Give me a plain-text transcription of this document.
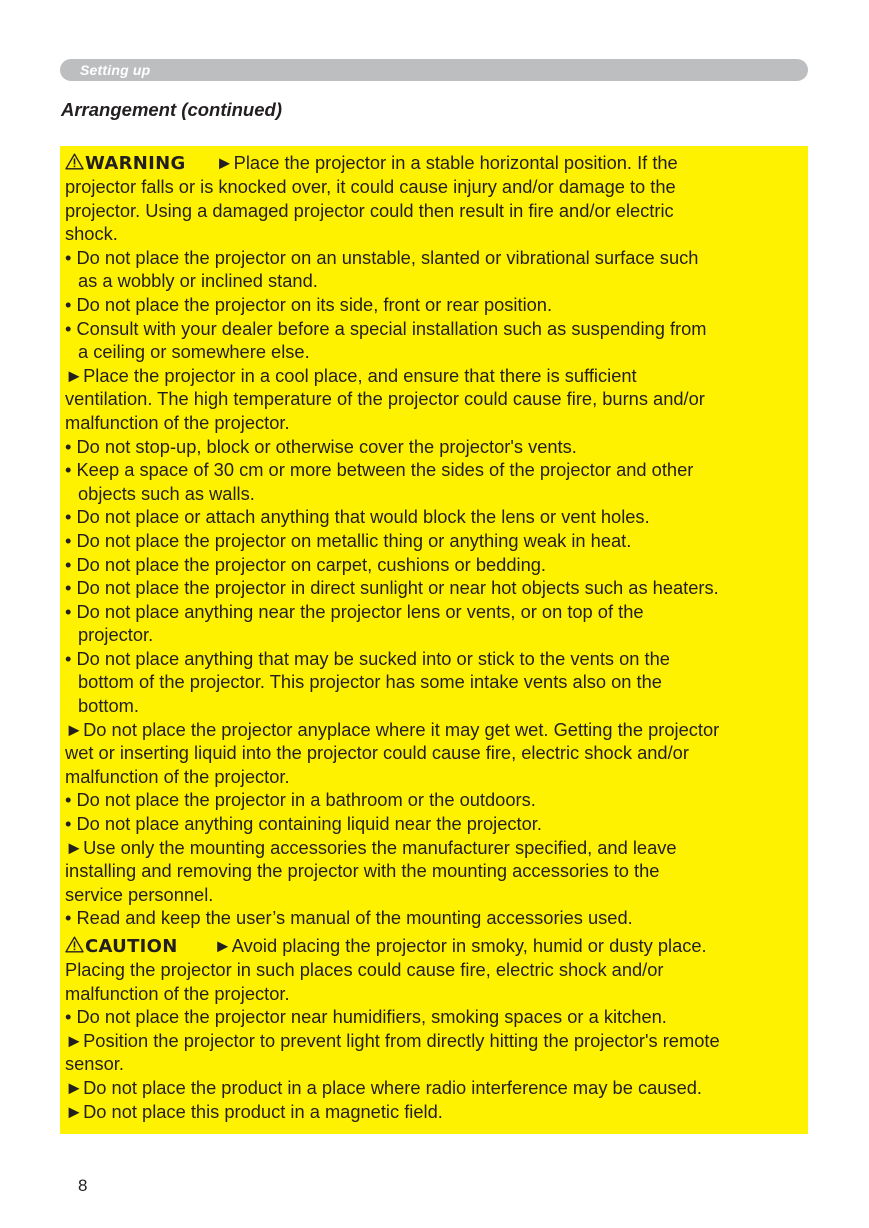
Setting up
Arrangement (continued)
WARNING ►Place the projector in a stable horizontal position. If the
projector falls or is knocked over, it could cause injury and/or damage to the
projector. Using a damaged projector could then result in fire and/or electric
shock.
• Do not place the projector on an unstable, slanted or vibrational surface such
as a wobbly or inclined stand.
• Do not place the projector on its side, front or rear position.
• Consult with your dealer before a special installation such as suspending from
a ceiling or somewhere else.
►Place the projector in a cool place, and ensure that there is sufficient
ventilation. The high temperature of the projector could cause fire, burns and/or
malfunction of the projector.
• Do not stop-up, block or otherwise cover the projector's vents.
• Keep a space of 30 cm or more between the sides of the projector and other
objects such as walls.
• Do not place or attach anything that would block the lens or vent holes.
• Do not place the projector on metallic thing or anything weak in heat.
• Do not place the projector on carpet, cushions or bedding.
• Do not place the projector in direct sunlight or near hot objects such as heaters.
• Do not place anything near the projector lens or vents, or on top of the
projector.
• Do not place anything that may be sucked into or stick to the vents on the
bottom of the projector. This projector has some intake vents also on the
bottom.
►Do not place the projector anyplace where it may get wet. Getting the projector
wet or inserting liquid into the projector could cause fire, electric shock and/or
malfunction of the projector.
• Do not place the projector in a bathroom or the outdoors.
• Do not place anything containing liquid near the projector.
►Use only the mounting accessories the manufacturer specified, and leave
installing and removing the projector with the mounting accessories to the
service personnel.
• Read and keep the user’s manual of the mounting accessories used.
CAUTION ►Avoid placing the projector in smoky, humid or dusty place.
Placing the projector in such places could cause fire, electric shock and/or
malfunction of the projector.
• Do not place the projector near humidifiers, smoking spaces or a kitchen.
►Position the projector to prevent light from directly hitting the projector's remote
sensor.
►Do not place the product in a place where radio interference may be caused.
►Do not place this product in a magnetic field.
8
